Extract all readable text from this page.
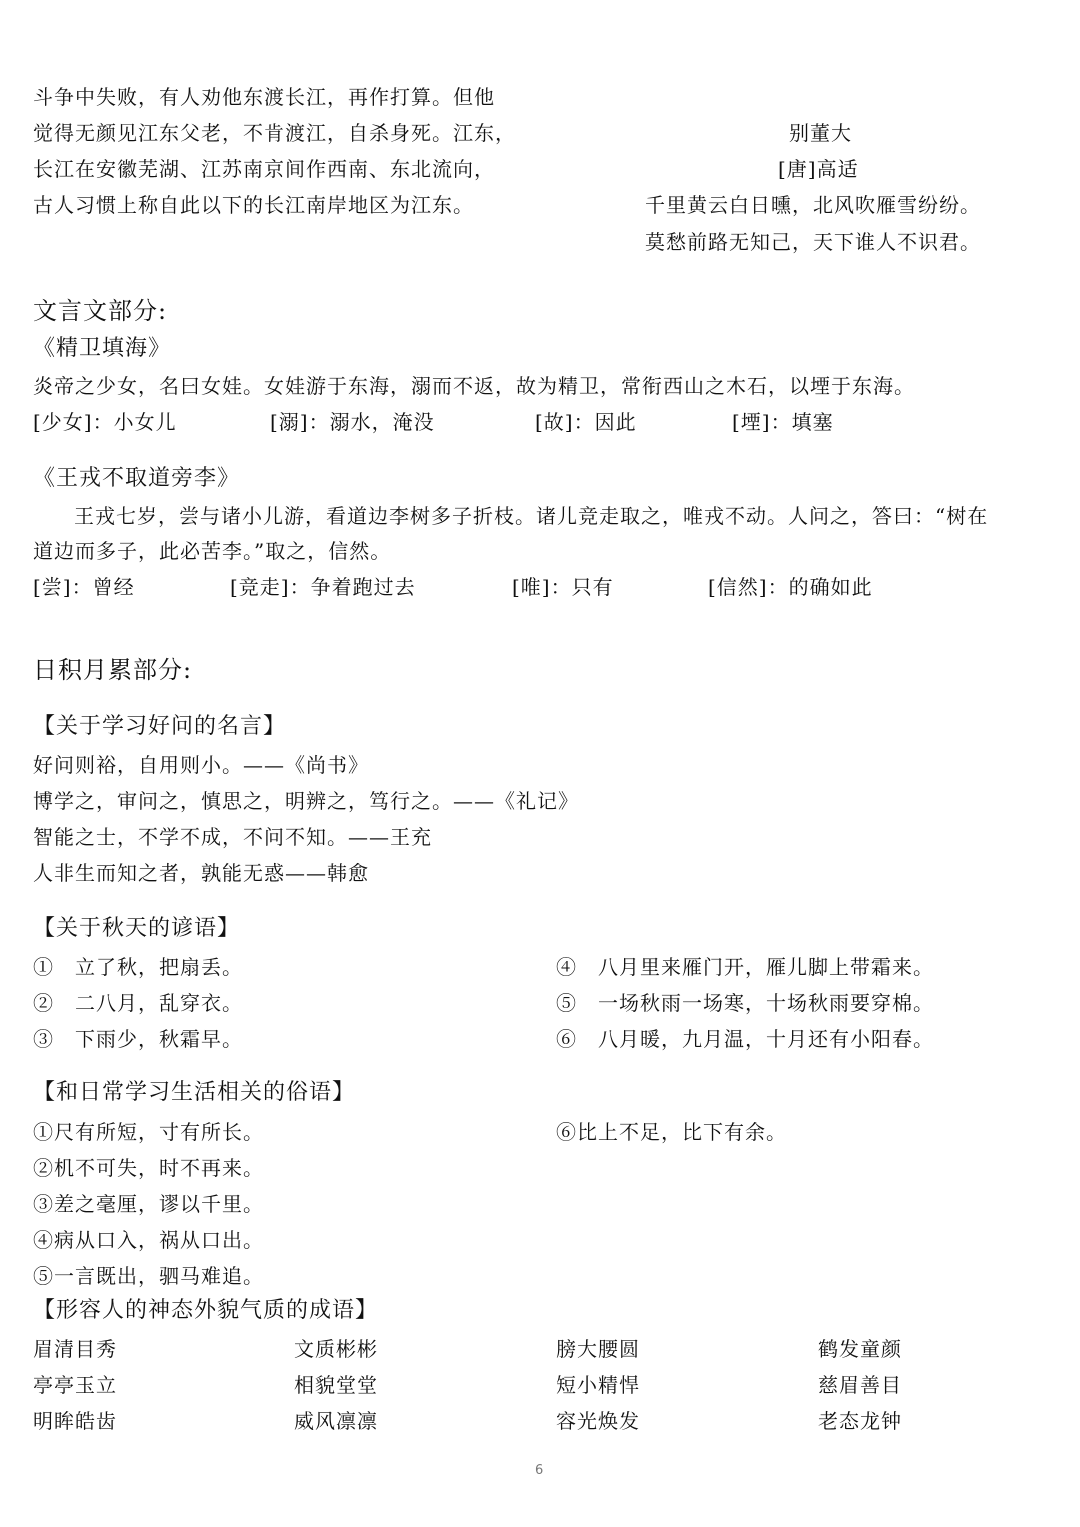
斗争中失败，有人劝他东渡长江，再作打算。但他
觉得无颜见江东父老，不肯渡江，自杀身死。江东，
长江在安徽芜湖、江苏南京间作西南、东北流向，
古人习惯上称自此以下的长江南岸地区为江东。
别董大
[唐]高适
千里黄云白日曛，北风吹雁雪纷纷。
莫愁前路无知己，天下谁人不识君。
文言文部分:
《精卫填海》
炎帝之少女，名曰女娃。女娃游于东海，溺而不返，故为精卫，常衔西山之木石，以堙于东海。
[少女]：小女儿	[溺]：溺水，淹没	[故]：因此	[堙]：填塞
《王戎不取道旁李》
王戎七岁，尝与诸小儿游，看道边李树多子折枝。诸儿竞走取之，唯戎不动。人问之，答曰：“树在
道边而多子，此必苦李。”取之，信然。
[尝]：曾经	[竞走]：争着跑过去	[唯]：只有	[信然]：的确如此
日积月累部分:
【关于学习好问的名言】
好问则裕，自用则小。——《尚书》
博学之，审问之，慎思之，明辨之，笃行之。——《礼记》
智能之士，不学不成，不问不知。——王充
人非生而知之者，孰能无惑——韩愈
【关于秋天的谚语】
①　立了秋，把扇丢。
②　二八月，乱穿衣。
③　下雨少，秋霜早。
④　八月里来雁门开，雁儿脚上带霜来。
⑤　一场秋雨一场寒，十场秋雨要穿棉。
⑥　八月暖，九月温，十月还有小阳春。
【和日常学习生活相关的俗语】
①尺有所短，寸有所长。
②机不可失，时不再来。
③差之毫厘，谬以千里。
④病从口入，祸从口出。
⑤一言既出，驷马难追。
⑥比上不足，比下有余。
【形容人的神态外貌气质的成语】
眉清目秀	文质彬彬	膀大腰圆	鹤发童颜
亭亭玉立	相貌堂堂	短小精悍	慈眉善目
明眸皓齿	威风凛凛	容光焕发	老态龙钟
6
